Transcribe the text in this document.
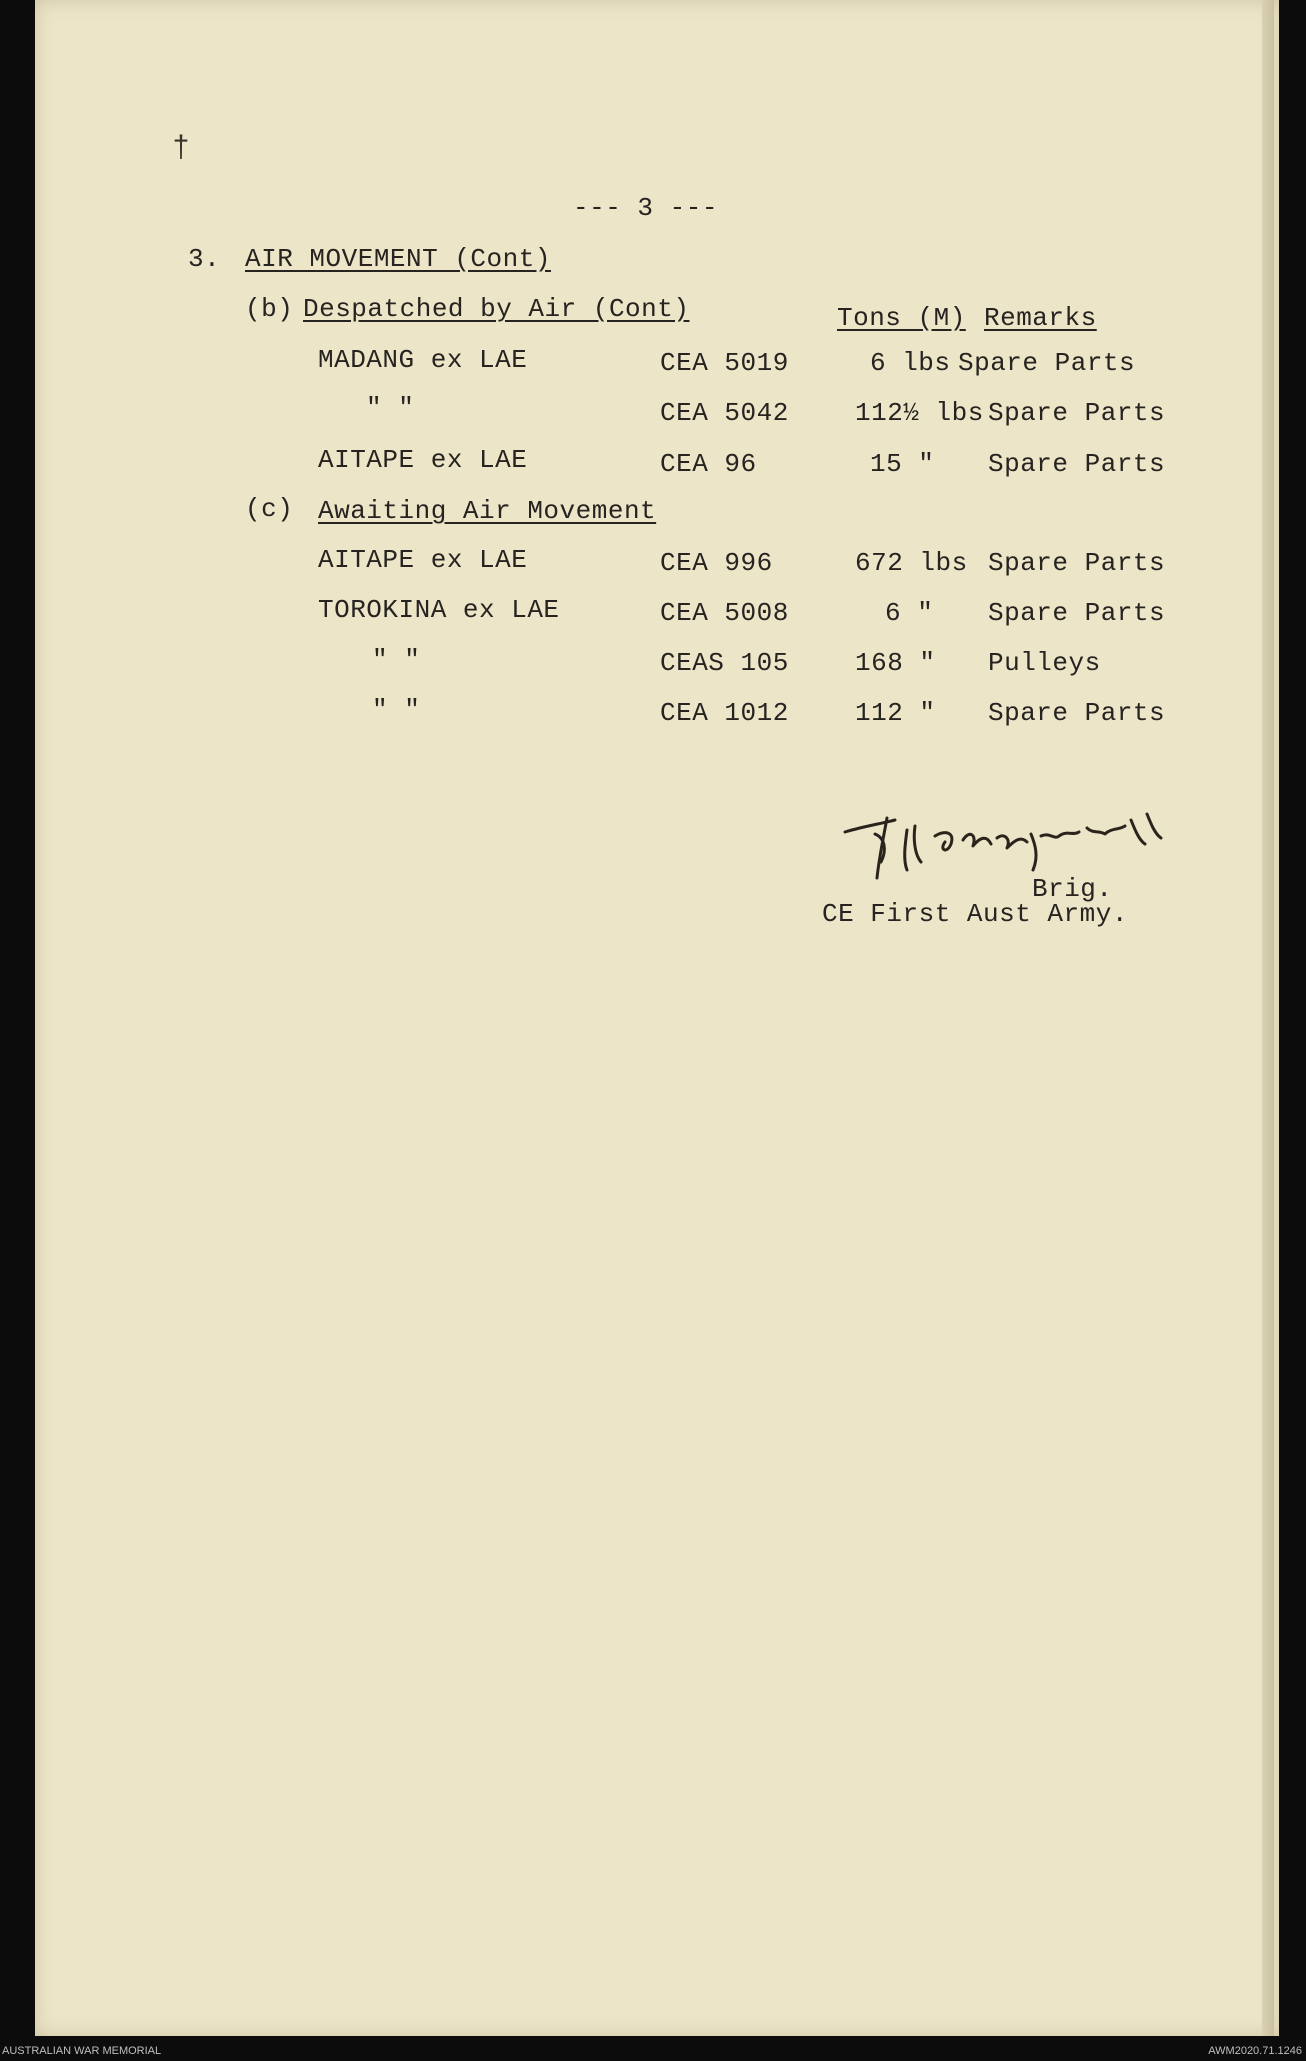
†
--- 3 ---
3. AIR MOVEMENT (Cont)
(b) Despatched by Air (Cont)	Tons (M) Remarks
MADANG ex LAE	CEA 5019	6 lbs Spare Parts
" "	CEA 5042	112½ lbs Spare Parts
AITAPE ex LAE	CEA 96	15 " Spare Parts
(c) Awaiting Air Movement
AITAPE ex LAE	CEA 996	672 lbs Spare Parts
TOROKINA ex LAE	CEA 5008	6 " Spare Parts
" "	CEAS 105	168 " Pulleys
" "	CEA 1012	112 " Spare Parts
Brig.
CE First Aust Army.
AUSTRALIAN WAR MEMORIAL	AWM2020.71.1246
